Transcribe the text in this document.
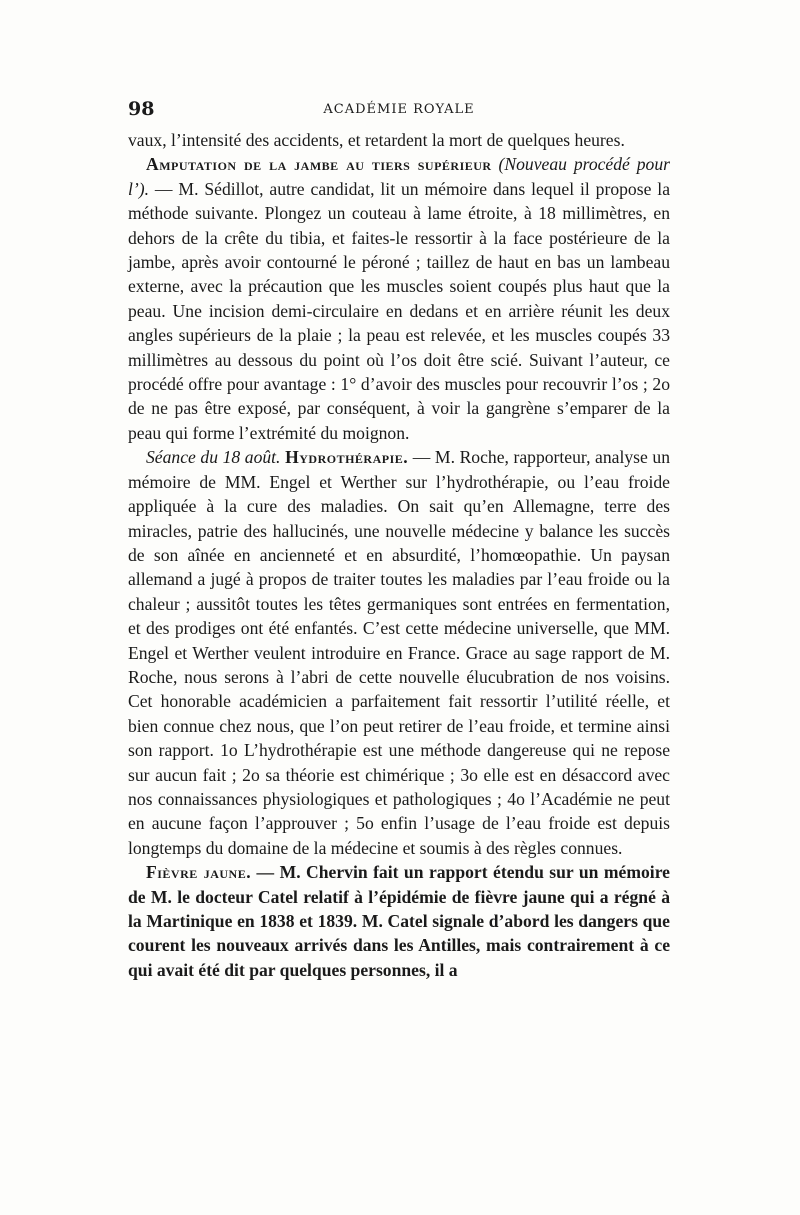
98	ACADÉMIE ROYALE

vaux, l’intensité des accidents, et retardent la mort de quelques heures.

Amputation de la jambe au tiers supérieur (Nouveau procédé pour l’). — M. Sédillot, autre candidat, lit un mémoire dans lequel il propose la méthode suivante. Plongez un couteau à lame étroite, à 18 millimètres, en dehors de la crête du tibia, et faites-le ressortir à la face postérieure de la jambe, après avoir contourné le péroné ; taillez de haut en bas un lambeau externe, avec la précaution que les muscles soient coupés plus haut que la peau. Une incision demi-circulaire en dedans et en arrière réunit les deux angles supérieurs de la plaie ; la peau est relevée, et les muscles coupés 33 millimètres au dessous du point où l’os doit être scié. Suivant l’auteur, ce procédé offre pour avantage : 1° d’avoir des muscles pour recouvrir l’os ; 2o de ne pas être exposé, par conséquent, à voir la gangrène s’emparer de la peau qui forme l’extrémité du moignon.

Séance du 18 août. Hydrothérapie. — M. Roche, rapporteur, analyse un mémoire de MM. Engel et Werther sur l’hydrothérapie, ou l’eau froide appliquée à la cure des maladies. On sait qu’en Allemagne, terre des miracles, patrie des hallucinés, une nouvelle médecine y balance les succès de son aînée en ancienneté et en absurdité, l’homœopathie. Un paysan allemand a jugé à propos de traiter toutes les maladies par l’eau froide ou la chaleur ; aussitôt toutes les têtes germaniques sont entrées en fermentation, et des prodiges ont été enfantés. C’est cette médecine universelle, que MM. Engel et Werther veulent introduire en France. Grace au sage rapport de M. Roche, nous serons à l’abri de cette nouvelle élucubration de nos voisins. Cet honorable académicien a parfaitement fait ressortir l’utilité réelle, et bien connue chez nous, que l’on peut retirer de l’eau froide, et termine ainsi son rapport. 1o L’hydrothérapie est une méthode dangereuse qui ne repose sur aucun fait ; 2o sa théorie est chimérique ; 3o elle est en désaccord avec nos connaissances physiologiques et pathologiques ; 4o l’Académie ne peut en aucune façon l’approuver ; 5o enfin l’usage de l’eau froide est depuis longtemps du domaine de la médecine et soumis à des règles connues.

Fièvre jaune. — M. Chervin fait un rapport étendu sur un mémoire de M. le docteur Catel relatif à l’épidémie de fièvre jaune qui a régné à la Martinique en 1838 et 1839. M. Catel signale d’abord les dangers que courent les nouveaux arrivés dans les Antilles, mais contrairement à ce qui avait été dit par quelques personnes, il a
